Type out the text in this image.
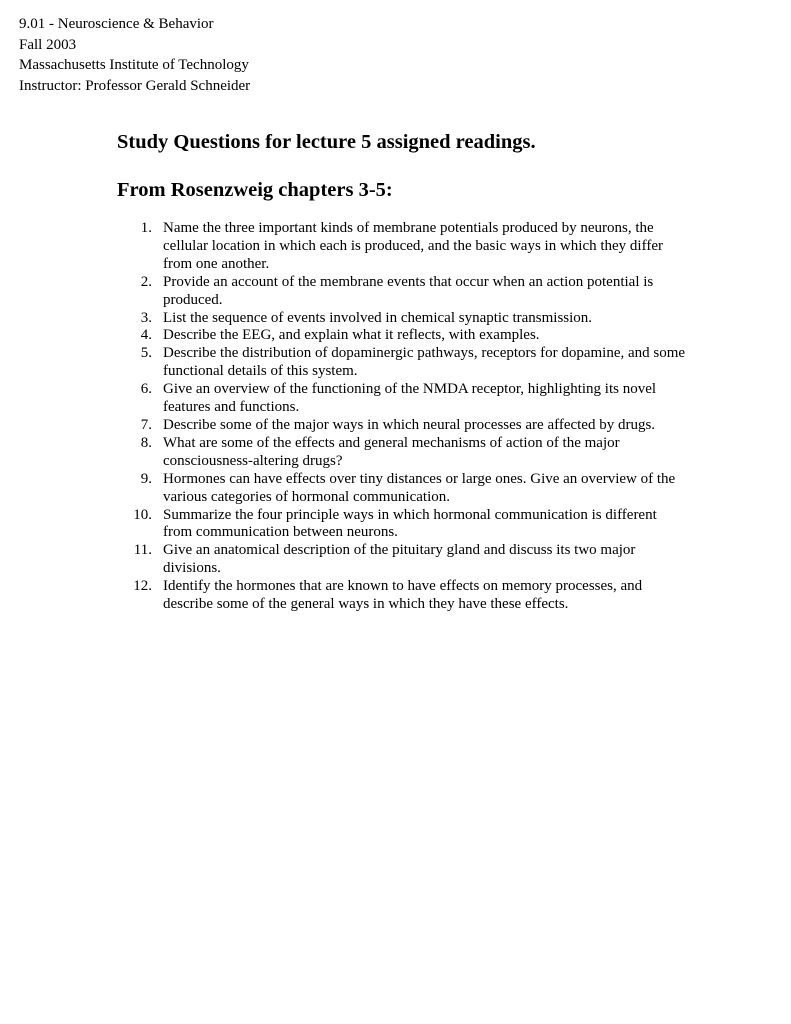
9.01 - Neuroscience & Behavior
Fall 2003
Massachusetts Institute of Technology
Instructor: Professor Gerald Schneider
Study Questions for lecture 5 assigned readings.
From Rosenzweig chapters 3-5:
1. Name the three important kinds of membrane potentials produced by neurons, the cellular location in which each is produced, and the basic ways in which they differ from one another.
2. Provide an account of the membrane events that occur when an action potential is produced.
3. List the sequence of events involved in chemical synaptic transmission.
4. Describe the EEG, and explain what it reflects, with examples.
5. Describe the distribution of dopaminergic pathways, receptors for dopamine, and some functional details of this system.
6. Give an overview of the functioning of the NMDA receptor, highlighting its novel features and functions.
7. Describe some of the major ways in which neural processes are affected by drugs.
8. What are some of the effects and general mechanisms of action of the major consciousness-altering drugs?
9. Hormones can have effects over tiny distances or large ones. Give an overview of the various categories of hormonal communication.
10. Summarize the four principle ways in which hormonal communication is different from communication between neurons.
11. Give an anatomical description of the pituitary gland and discuss its two major divisions.
12. Identify the hormones that are known to have effects on memory processes, and describe some of the general ways in which they have these effects.
